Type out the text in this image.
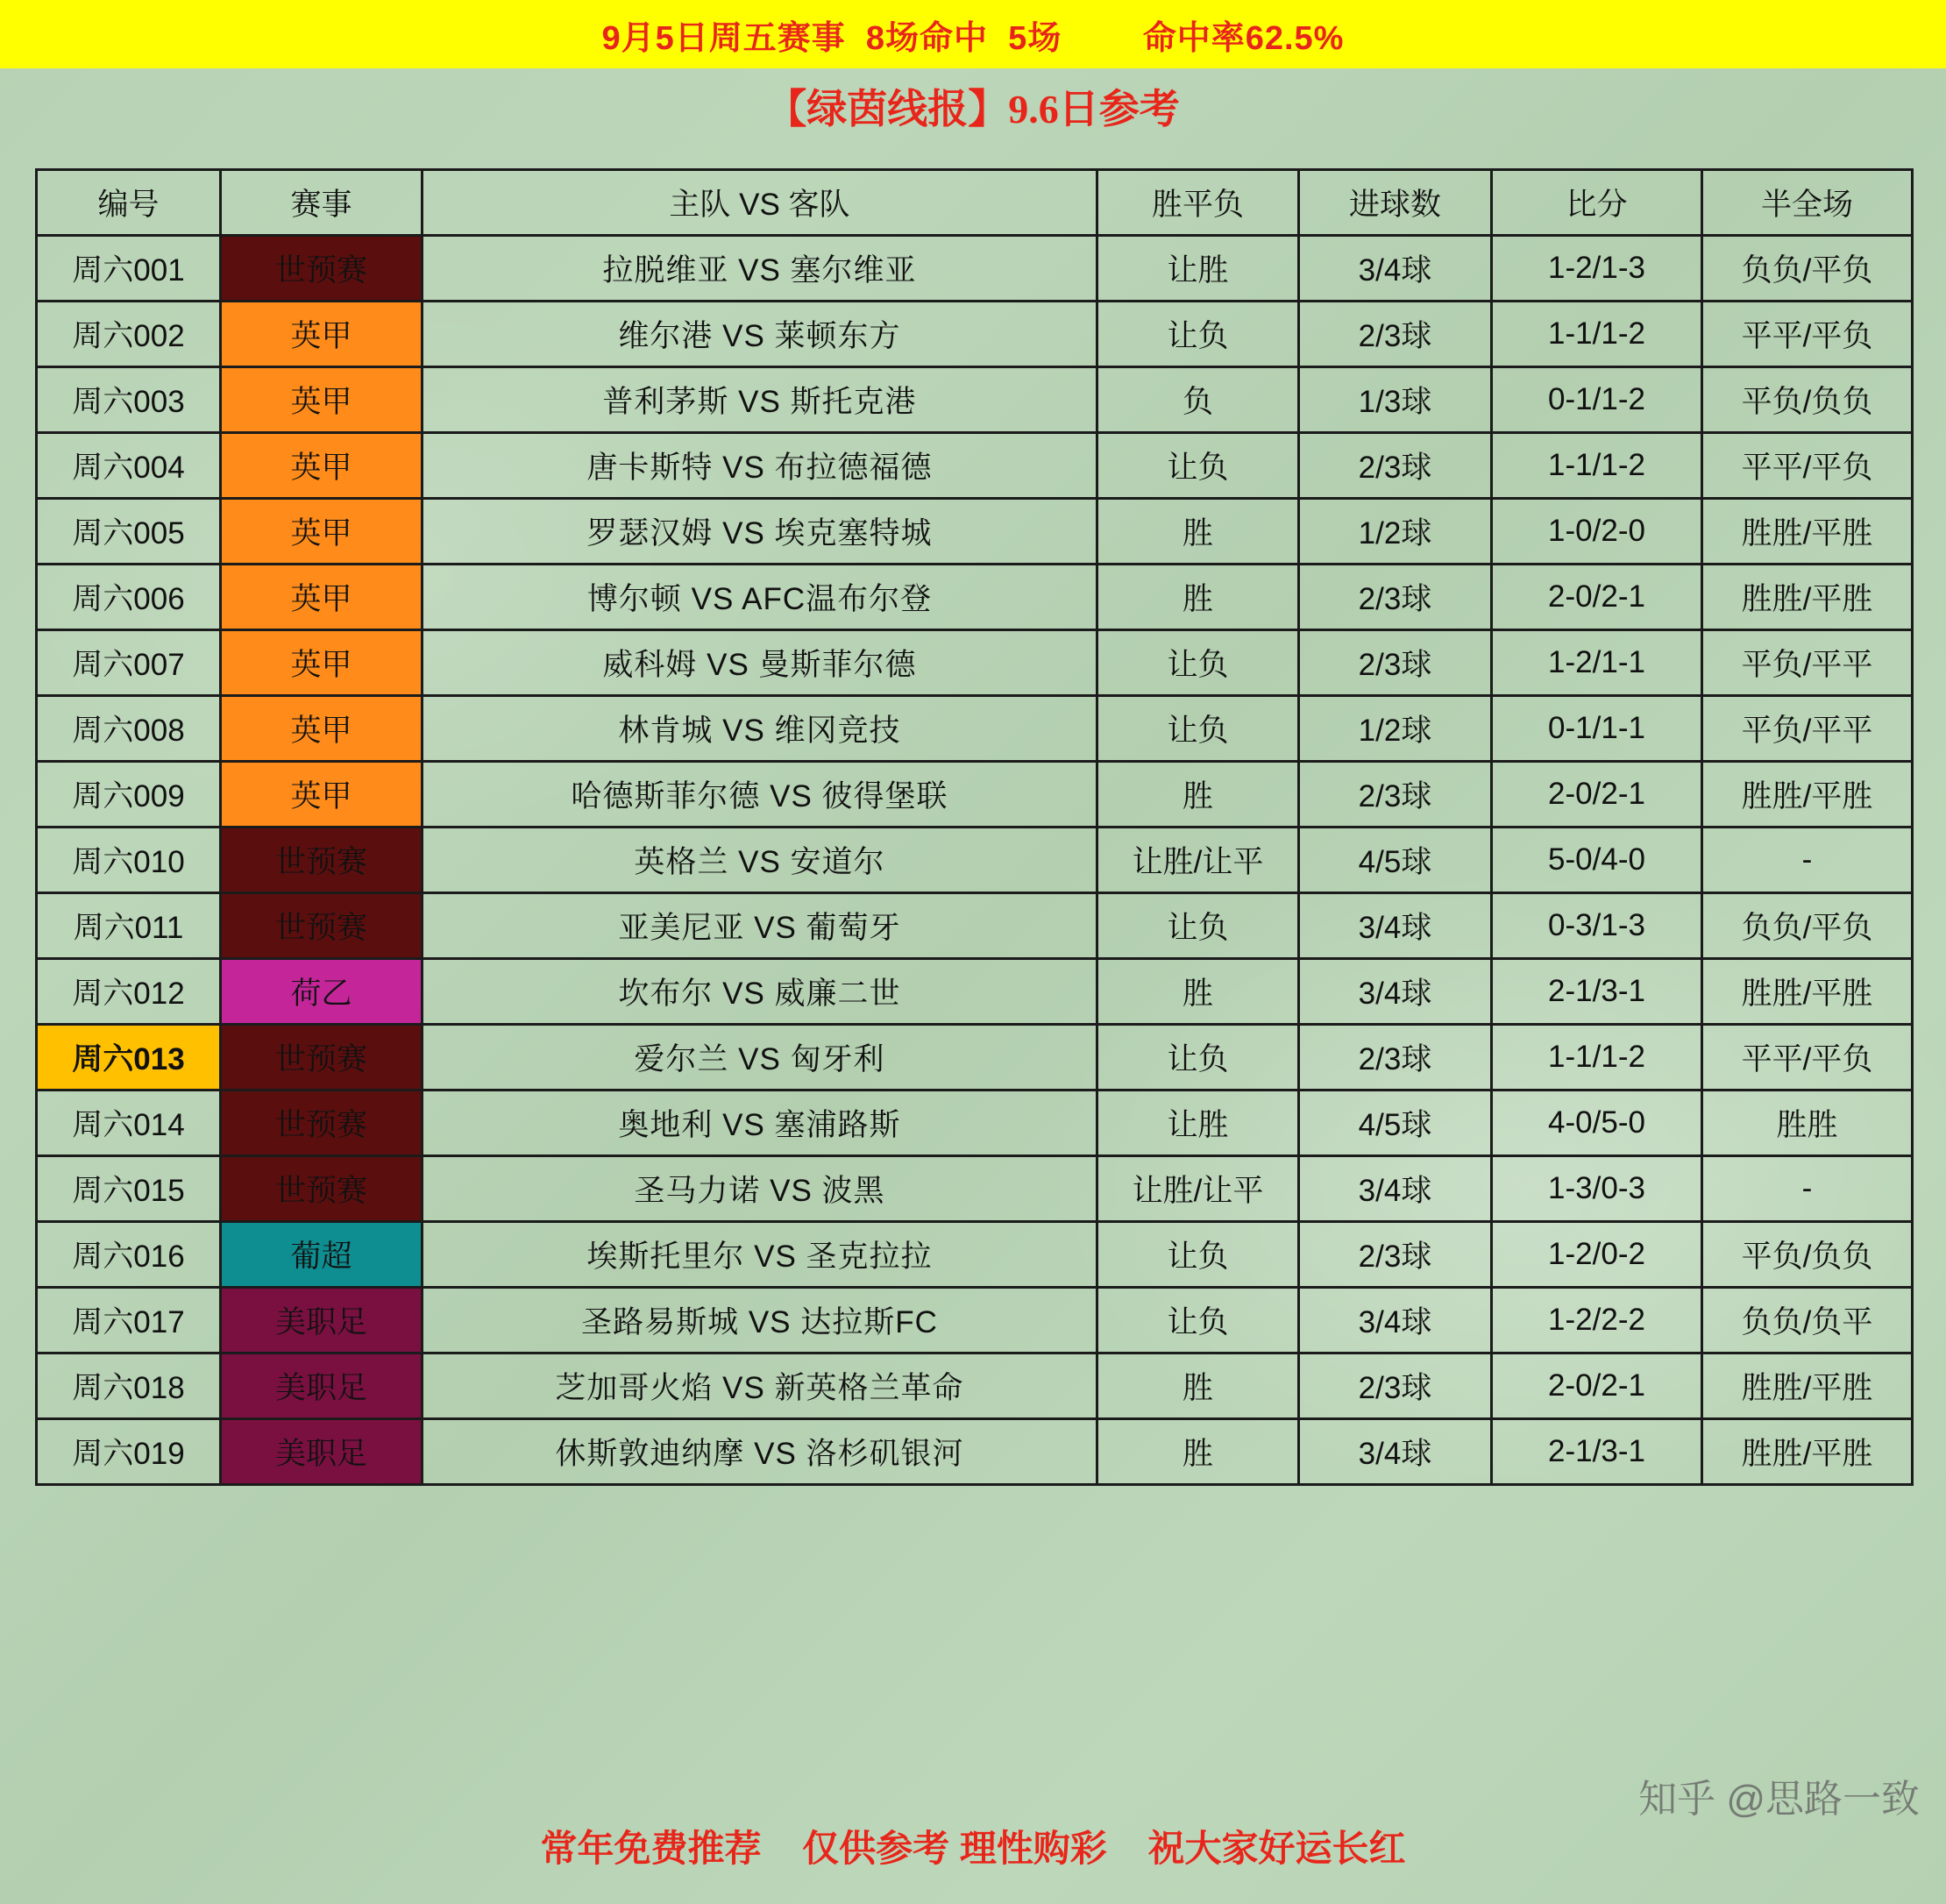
9月5日周五赛事  8场命中  5场        命中率62.5%
【绿茵线报】9.6日参考
编号	赛事	主队 VS 客队	胜平负	进球数	比分	半全场
周六001	世预赛	拉脱维亚 VS 塞尔维亚	让胜	3/4球	1-2/1-3	负负/平负
周六002	英甲	维尔港 VS 莱顿东方	让负	2/3球	1-1/1-2	平平/平负
周六003	英甲	普利茅斯 VS 斯托克港	负	1/3球	0-1/1-2	平负/负负
周六004	英甲	唐卡斯特 VS 布拉德福德	让负	2/3球	1-1/1-2	平平/平负
周六005	英甲	罗瑟汉姆 VS 埃克塞特城	胜	1/2球	1-0/2-0	胜胜/平胜
周六006	英甲	博尔顿 VS AFC温布尔登	胜	2/3球	2-0/2-1	胜胜/平胜
周六007	英甲	威科姆 VS 曼斯菲尔德	让负	2/3球	1-2/1-1	平负/平平
周六008	英甲	林肯城 VS 维冈竞技	让负	1/2球	0-1/1-1	平负/平平
周六009	英甲	哈德斯菲尔德 VS 彼得堡联	胜	2/3球	2-0/2-1	胜胜/平胜
周六010	世预赛	英格兰 VS 安道尔	让胜/让平	4/5球	5-0/4-0	-
周六011	世预赛	亚美尼亚 VS 葡萄牙	让负	3/4球	0-3/1-3	负负/平负
周六012	荷乙	坎布尔 VS 威廉二世	胜	3/4球	2-1/3-1	胜胜/平胜
周六013	世预赛	爱尔兰 VS 匈牙利	让负	2/3球	1-1/1-2	平平/平负
周六014	世预赛	奥地利 VS 塞浦路斯	让胜	4/5球	4-0/5-0	胜胜
周六015	世预赛	圣马力诺 VS 波黑	让胜/让平	3/4球	1-3/0-3	-
周六016	葡超	埃斯托里尔 VS 圣克拉拉	让负	2/3球	1-2/0-2	平负/负负
周六017	美职足	圣路易斯城 VS 达拉斯FC	让负	3/4球	1-2/2-2	负负/负平
周六018	美职足	芝加哥火焰 VS 新英格兰革命	胜	2/3球	2-0/2-1	胜胜/平胜
周六019	美职足	休斯敦迪纳摩 VS 洛杉矶银河	胜	3/4球	2-1/3-1	胜胜/平胜
常年免费推荐    仅供参考 理性购彩    祝大家好运长红
知乎 @思路一致
